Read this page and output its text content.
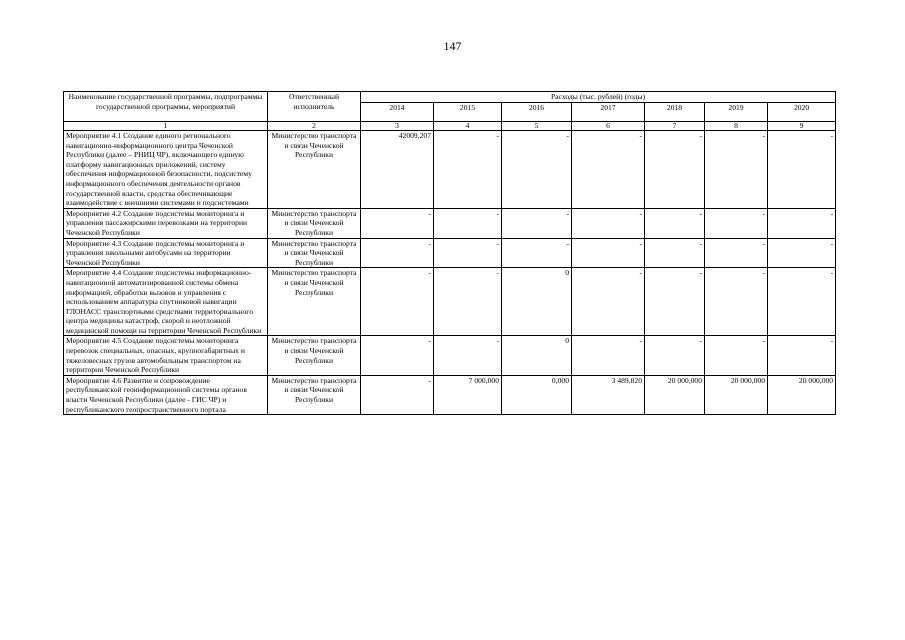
147
Наименование государственной программы, подпрограммы государственной программы, мероприятий	Ответственный исполнитель	Расходы (тыс. рублей) (годы)						
		2014	2015	2016	2017	2018	2019	2020
1	2	3	4	5	6	7	8	9
Мероприятие 4.1 Создание единого регионального навигационно-информационного центра Чеченской Республики (далее – РНИЦ ЧР), включающего единую платформу навигационных приложений, систему обеспечения информационной безопасности, подсистему информационного обеспечения деятельности органов государственной власти, средства обеспечивающие взаимодействие с внешними системами и подсистемами	Министерство транспорта и связи Чеченской Республики	42009,207	-	-	-	-	-	-
Мероприятие 4.2 Создание подсистемы мониторинга и управления пассажирскими перевозками на территории Чеченской Республики	Министерство транспорта и связи Чеченской Республики	-	-	-	-	-	-	-
Мероприятие 4.3 Создание подсистемы мониторинга и управления школьными автобусами на территории Чеченской Республики	Министерство транспорта и связи Чеченской Республики	-	-	-	-	-	-	-
Мероприятие 4.4 Создание подсистемы информационно-навигационной автоматизированной системы обмена информацией, обработки вызовов и управления с использованием аппаратуры спутниковой навигации ГЛОНАСС транспортными средствами территориального центра медицины катастроф, скорой и неотложной медицинской помощи на территории Чеченской Республики	Министерство транспорта и связи Чеченской Республики	-	-	0	-	-	-	-
Мероприятие 4.5 Создание подсистемы мониторинга перевозок специальных, опасных, крупногабаритных и тяжеловесных грузов автомобильным транспортом на территории Чеченской Республики	Министерство транспорта и связи Чеченской Республики	-	-	0	-	-	-	-
Мероприятие 4.6 Развитие и сопровождение республиканской геоинформационной системы органов власти Чеченской Республики (далее - ГИС ЧР) и республиканского геопространственного портала	Министерство транспорта и связи Чеченской Республики	-	7 000,000	0,000	3 489,820	20 000,000	20 000,000	20 000,000
